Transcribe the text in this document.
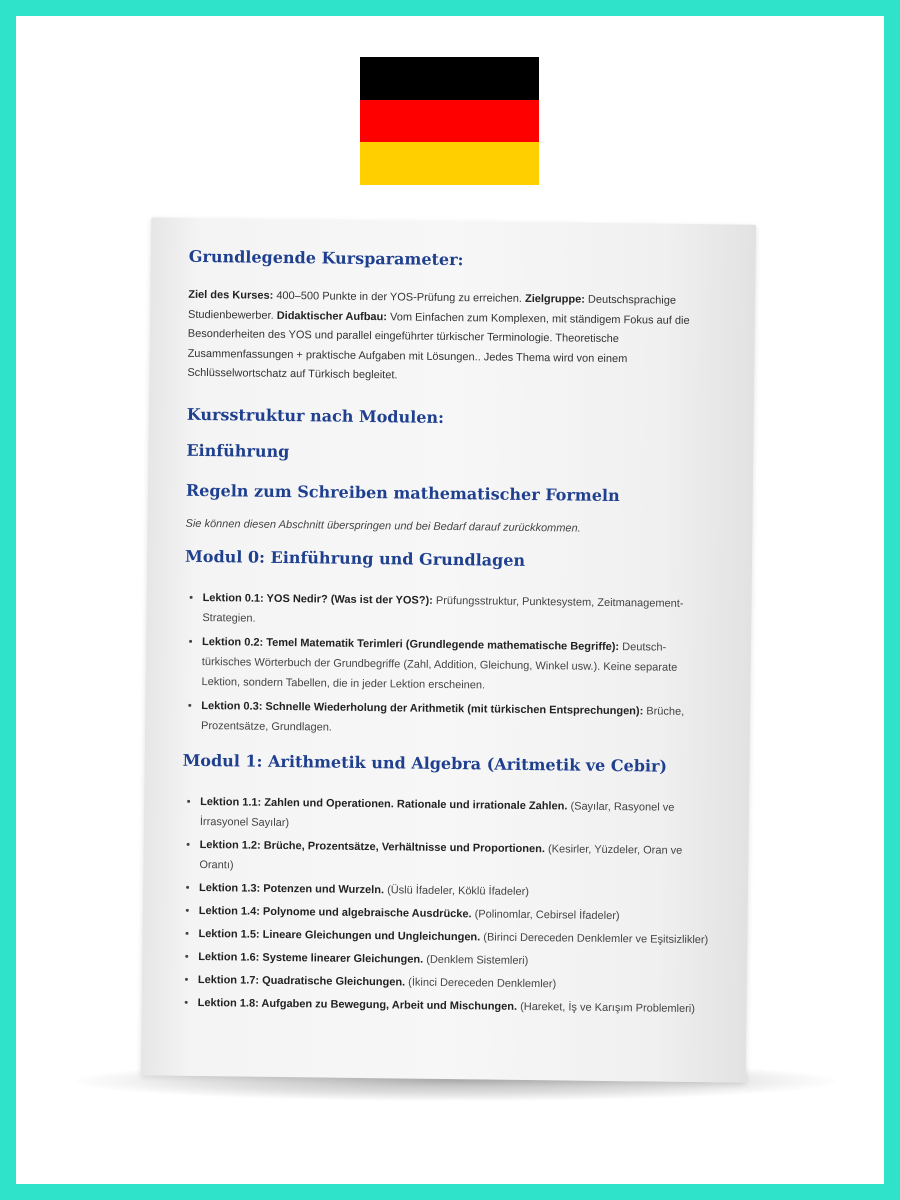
Grundlegende Kursparameter:

Ziel des Kurses: 400–500 Punkte in der YOS-Prüfung zu erreichen. Zielgruppe: Deutschsprachige Studienbewerber. Didaktischer Aufbau: Vom Einfachen zum Komplexen, mit ständigem Fokus auf die Besonderheiten des YOS und parallel eingeführter türkischer Terminologie. Theoretische Zusammenfassungen + praktische Aufgaben mit Lösungen.. Jedes Thema wird von einem Schlüsselwortschatz auf Türkisch begleitet.

Kursstruktur nach Modulen:
Einführung
Regeln zum Schreiben mathematischer Formeln

Sie können diesen Abschnitt überspringen und bei Bedarf darauf zurückkommen.

Modul 0: Einführung und Grundlagen
• Lektion 0.1: YOS Nedir? (Was ist der YOS?): Prüfungsstruktur, Punktesystem, Zeitmanagement-Strategien.
• Lektion 0.2: Temel Matematik Terimleri (Grundlegende mathematische Begriffe): Deutsch-türkisches Wörterbuch der Grundbegriffe (Zahl, Addition, Gleichung, Winkel usw.). Keine separate Lektion, sondern Tabellen, die in jeder Lektion erscheinen.
• Lektion 0.3: Schnelle Wiederholung der Arithmetik (mit türkischen Entsprechungen): Brüche, Prozentsätze, Grundlagen.
Modul 1: Arithmetik und Algebra (Aritmetik ve Cebir)
• Lektion 1.1: Zahlen und Operationen. Rationale und irrationale Zahlen. (Sayılar, Rasyonel ve İrrasyonel Sayılar)
• Lektion 1.2: Brüche, Prozentsätze, Verhältnisse und Proportionen. (Kesirler, Yüzdeler, Oran ve Orantı)
• Lektion 1.3: Potenzen und Wurzeln. (Üslü İfadeler, Köklü İfadeler)
• Lektion 1.4: Polynome und algebraische Ausdrücke. (Polinomlar, Cebirsel İfadeler)
• Lektion 1.5: Lineare Gleichungen und Ungleichungen. (Birinci Dereceden Denklemler ve Eşitsizlikler)
• Lektion 1.6: Systeme linearer Gleichungen. (Denklem Sistemleri)
• Lektion 1.7: Quadratische Gleichungen. (İkinci Dereceden Denklemler)
• Lektion 1.8: Aufgaben zu Bewegung, Arbeit und Mischungen. (Hareket, İş ve Karışım Problemleri)
